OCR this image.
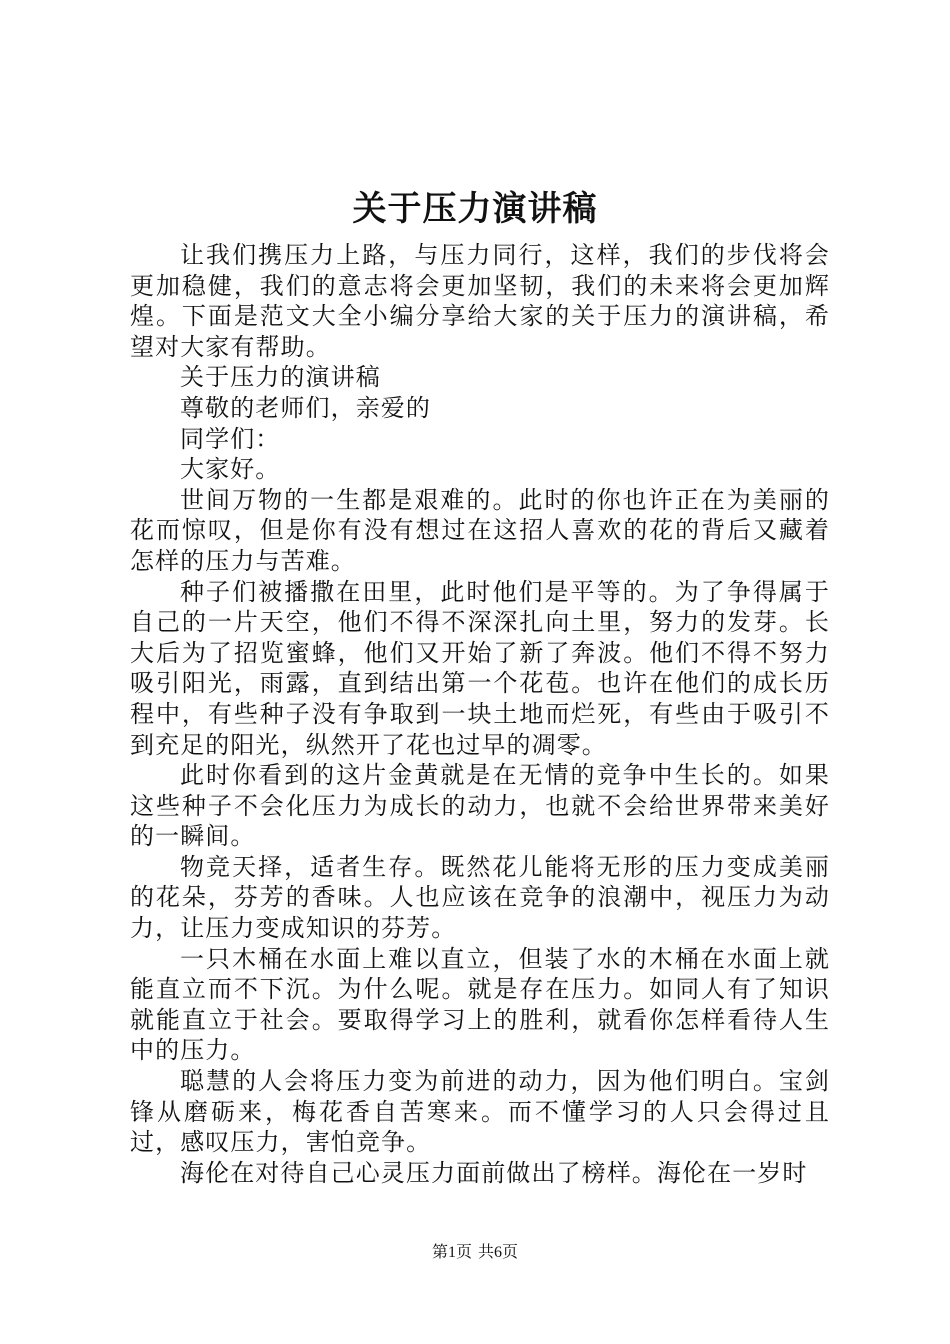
关于压力演讲稿

让我们携压力上路，与压力同行，这样，我们的步伐将会更加稳健，我们的意志将会更加坚韧，我们的未来将会更加辉煌。下面是范文大全小编分享给大家的关于压力的演讲稿，希望对大家有帮助。

关于压力的演讲稿

尊敬的老师们，亲爱的

同学们：

大家好。

世间万物的一生都是艰难的。此时的你也许正在为美丽的花而惊叹，但是你有没有想过在这招人喜欢的花的背后又藏着怎样的压力与苦难。

种子们被播撒在田里，此时他们是平等的。为了争得属于自己的一片天空，他们不得不深深扎向土里，努力的发芽。长大后为了招览蜜蜂，他们又开始了新了奔波。他们不得不努力吸引阳光，雨露，直到结出第一个花苞。也许在他们的成长历程中，有些种子没有争取到一块土地而烂死，有些由于吸引不到充足的阳光，纵然开了花也过早的凋零。

此时你看到的这片金黄就是在无情的竞争中生长的。如果这些种子不会化压力为成长的动力，也就不会给世界带来美好的一瞬间。

物竞天择，适者生存。既然花儿能将无形的压力变成美丽的花朵，芬芳的香味。人也应该在竞争的浪潮中，视压力为动力，让压力变成知识的芬芳。

一只木桶在水面上难以直立，但装了水的木桶在水面上就能直立而不下沉。为什么呢。就是存在压力。如同人有了知识就能直立于社会。要取得学习上的胜利，就看你怎样看待人生中的压力。

聪慧的人会将压力变为前进的动力，因为他们明白。宝剑锋从磨砺来，梅花香自苦寒来。而不懂学习的人只会得过且过，感叹压力，害怕竞争。

海伦在对待自己心灵压力面前做出了榜样。海伦在一岁时

第1页 共6页
